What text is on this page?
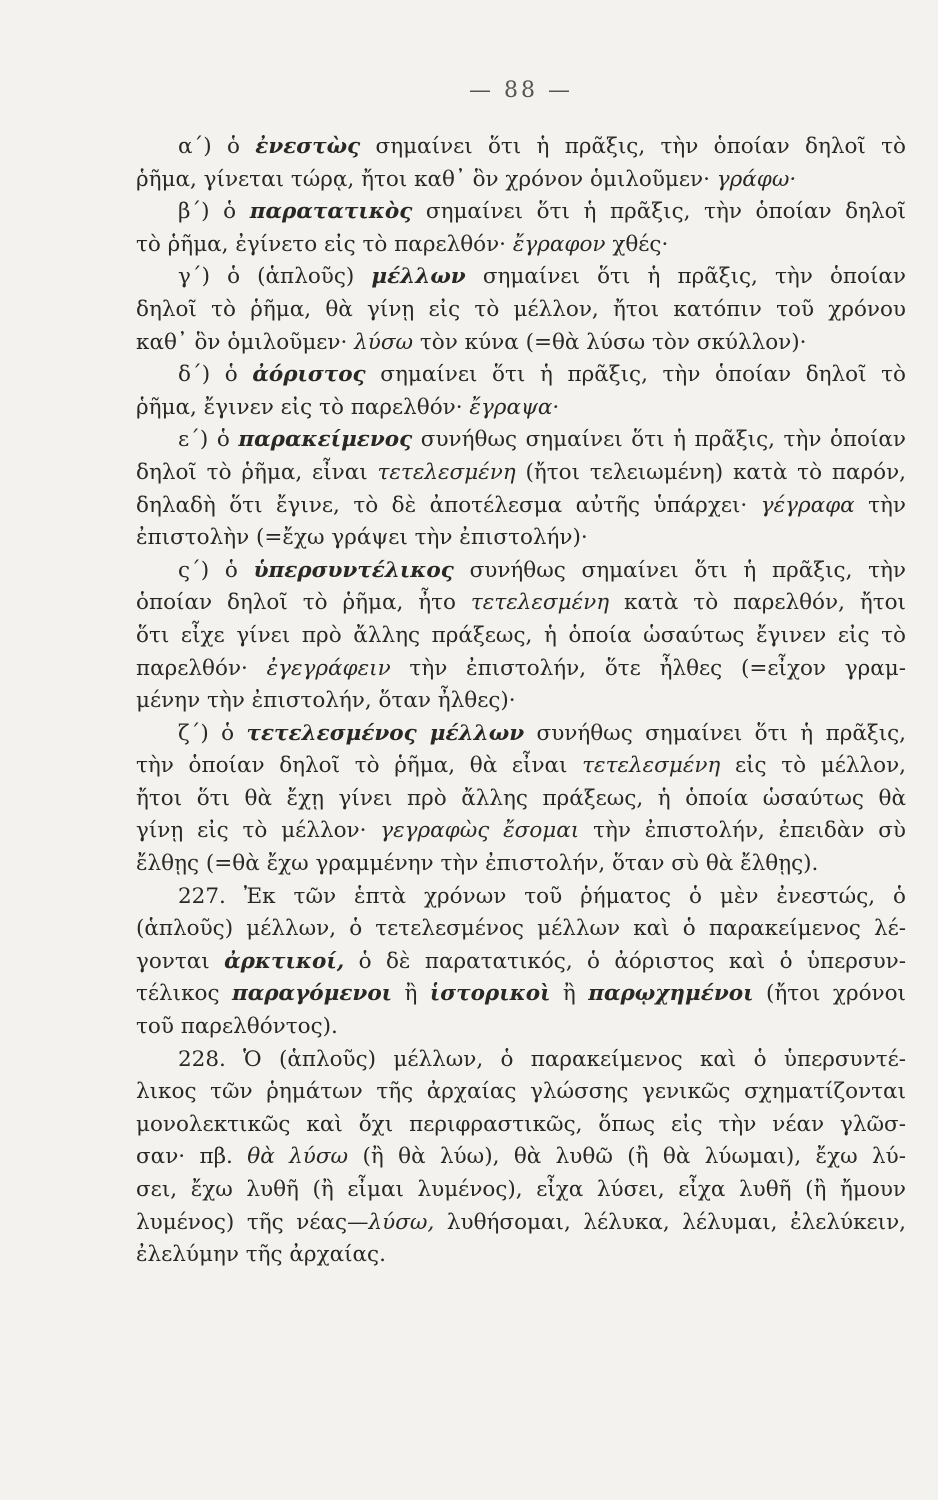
— 88 —
α΄) ὁ ἐνεστὼς σημαίνει ὅτι ἡ πρᾶξις, τὴν ὁποίαν δηλοῖ τὸ
ῥῆμα, γίνεται τώρᾳ, ἤτοι καθ᾽ ὃν χρόνον ὁμιλοῦμεν· γράφω·
β΄) ὁ παρατατικὸς σημαίνει ὅτι ἡ πρᾶξις, τὴν ὁποίαν δηλοῖ
τὸ ῥῆμα, ἐγίνετο εἰς τὸ παρελθόν· ἔγραφον χθές·
γ΄) ὁ (ἁπλοῦς) μέλλων σημαίνει ὅτι ἡ πρᾶξις, τὴν ὁποίαν
δηλοῖ τὸ ῥῆμα, θὰ γίνῃ εἰς τὸ μέλλον, ἤτοι κατόπιν τοῦ χρόνου
καθ᾽ ὃν ὁμιλοῦμεν· λύσω τὸν κύνα (=θὰ λύσω τὸν σκύλλον)·
δ΄) ὁ ἀόριστος σημαίνει ὅτι ἡ πρᾶξις, τὴν ὁποίαν δηλοῖ τὸ
ῥῆμα, ἔγινεν εἰς τὸ παρελθόν· ἔγραψα·
ε΄) ὁ παρακείμενος συνήθως σημαίνει ὅτι ἡ πρᾶξις, τὴν ὁποίαν
δηλοῖ τὸ ῥῆμα, εἶναι τετελεσμένη (ἤτοι τελειωμένη) κατὰ τὸ παρόν,
δηλαδὴ ὅτι ἔγινε, τὸ δὲ ἀποτέλεσμα αὐτῆς ὑπάρχει· γέγραφα τὴν
ἐπιστολὴν (=ἔχω γράψει τὴν ἐπιστολήν)·
ς΄) ὁ ὑπερσυντέλικος συνήθως σημαίνει ὅτι ἡ πρᾶξις, τὴν
ὁποίαν δηλοῖ τὸ ῥῆμα, ἦτο τετελεσμένη κατὰ τὸ παρελθόν, ἤτοι
ὅτι εἶχε γίνει πρὸ ἄλλης πράξεως, ἡ ὁποία ὡσαύτως ἔγινεν εἰς τὸ
παρελθόν· ἐγεγράφειν τὴν ἐπιστολήν, ὅτε ἦλθες (=εἶχον γραμ-
μένην τὴν ἐπιστολήν, ὅταν ἦλθες)·
ζ΄) ὁ τετελεσμένος μέλλων συνήθως σημαίνει ὅτι ἡ πρᾶξις,
τὴν ὁποίαν δηλοῖ τὸ ῥῆμα, θὰ εἶναι τετελεσμένη εἰς τὸ μέλλον,
ἤτοι ὅτι θὰ ἔχῃ γίνει πρὸ ἄλλης πράξεως, ἡ ὁποία ὡσαύτως θὰ
γίνῃ εἰς τὸ μέλλον· γεγραφὼς ἔσομαι τὴν ἐπιστολήν, ἐπειδὰν σὺ
ἔλθῃς (=θὰ ἔχω γραμμένην τὴν ἐπιστολήν, ὅταν σὺ θὰ ἔλθῃς).
227. Ἐκ τῶν ἑπτὰ χρόνων τοῦ ῥήματος ὁ μὲν ἐνεστώς, ὁ
(ἁπλοῦς) μέλλων, ὁ τετελεσμένος μέλλων καὶ ὁ παρακείμενος λέ-
γονται ἀρκτικοί, ὁ δὲ παρατατικός, ὁ ἀόριστος καὶ ὁ ὑπερσυν-
τέλικος παραγόμενοι ἢ ἱστορικοὶ ἢ παρῳχημένοι (ἤτοι χρόνοι
τοῦ παρελθόντος).
228. Ὁ (ἁπλοῦς) μέλλων, ὁ παρακείμενος καὶ ὁ ὑπερσυντέ-
λικος τῶν ῥημάτων τῆς ἀρχαίας γλώσσης γενικῶς σχηματίζονται
μονολεκτικῶς καὶ ὄχι περιφραστικῶς, ὅπως εἰς τὴν νέαν γλῶσ-
σαν· πβ. θὰ λύσω (ἢ θὰ λύω), θὰ λυθῶ (ἢ θὰ λύωμαι), ἔχω λύ-
σει, ἔχω λυθῆ (ἢ εἶμαι λυμένος), εἶχα λύσει, εἶχα λυθῆ (ἢ ἤμουν
λυμένος) τῆς νέας—λύσω, λυθήσομαι, λέλυκα, λέλυμαι, ἐλελύκειν,
ἐλελύμην τῆς ἀρχαίας.
